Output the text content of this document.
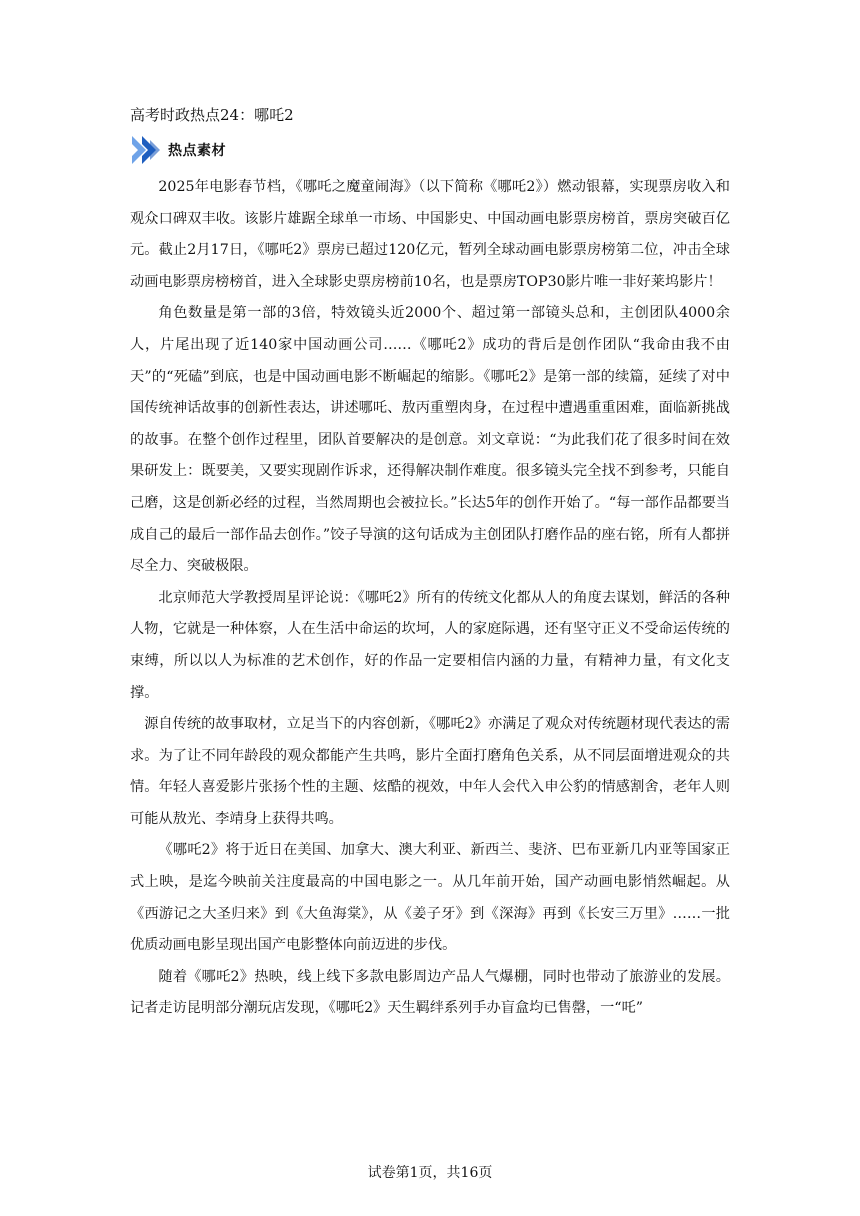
高考时政热点24：哪吒2
热点素材

2025年电影春节档，《哪吒之魔童闹海》（以下简称《哪吒2》）燃动银幕，实现票房收入和观众口碑双丰收。该影片雄踞全球单一市场、中国影史、中国动画电影票房榜首，票房突破百亿元。截止2月17日，《哪吒2》票房已超过120亿元，暂列全球动画电影票房榜第二位，冲击全球动画电影票房榜榜首，进入全球影史票房榜前10名，也是票房TOP30影片唯一非好莱坞影片！

角色数量是第一部的3倍，特效镜头近2000个、超过第一部镜头总和，主创团队4000余人，片尾出现了近140家中国动画公司……《哪吒2》成功的背后是创作团队“我命由我不由天”的“死磕”到底，也是中国动画电影不断崛起的缩影。《哪吒2》是第一部的续篇，延续了对中国传统神话故事的创新性表达，讲述哪吒、敖丙重塑肉身，在过程中遭遇重重困难，面临新挑战的故事。在整个创作过程里，团队首要解决的是创意。刘文章说：“为此我们花了很多时间在效果研发上：既要美，又要实现剧作诉求，还得解决制作难度。很多镜头完全找不到参考，只能自己磨，这是创新必经的过程，当然周期也会被拉长。”长达5年的创作开始了。“每一部作品都要当成自己的最后一部作品去创作。”饺子导演的这句话成为主创团队打磨作品的座右铭，所有人都拼尽全力、突破极限。

北京师范大学教授周星评论说：《哪吒2》所有的传统文化都从人的角度去谋划，鲜活的各种人物，它就是一种体察，人在生活中命运的坎坷，人的家庭际遇，还有坚守正义不受命运传统的束缚，所以以人为标准的艺术创作，好的作品一定要相信内涵的力量，有精神力量，有文化支撑。

源自传统的故事取材，立足当下的内容创新，《哪吒2》亦满足了观众对传统题材现代表达的需求。为了让不同年龄段的观众都能产生共鸣，影片全面打磨角色关系，从不同层面增进观众的共情。年轻人喜爱影片张扬个性的主题、炫酷的视效，中年人会代入申公豹的情感割舍，老年人则可能从敖光、李靖身上获得共鸣。

《哪吒2》将于近日在美国、加拿大、澳大利亚、新西兰、斐济、巴布亚新几内亚等国家正式上映，是迄今映前关注度最高的中国电影之一。从几年前开始，国产动画电影悄然崛起。从《西游记之大圣归来》到《大鱼海棠》，从《姜子牙》到《深海》再到《长安三万里》……一批优质动画电影呈现出国产电影整体向前迈进的步伐。

随着《哪吒2》热映，线上线下多款电影周边产品人气爆棚，同时也带动了旅游业的发展。记者走访昆明部分潮玩店发现，《哪吒2》天生羁绊系列手办盲盒均已售罄，一“吒”

试卷第1页，共16页
